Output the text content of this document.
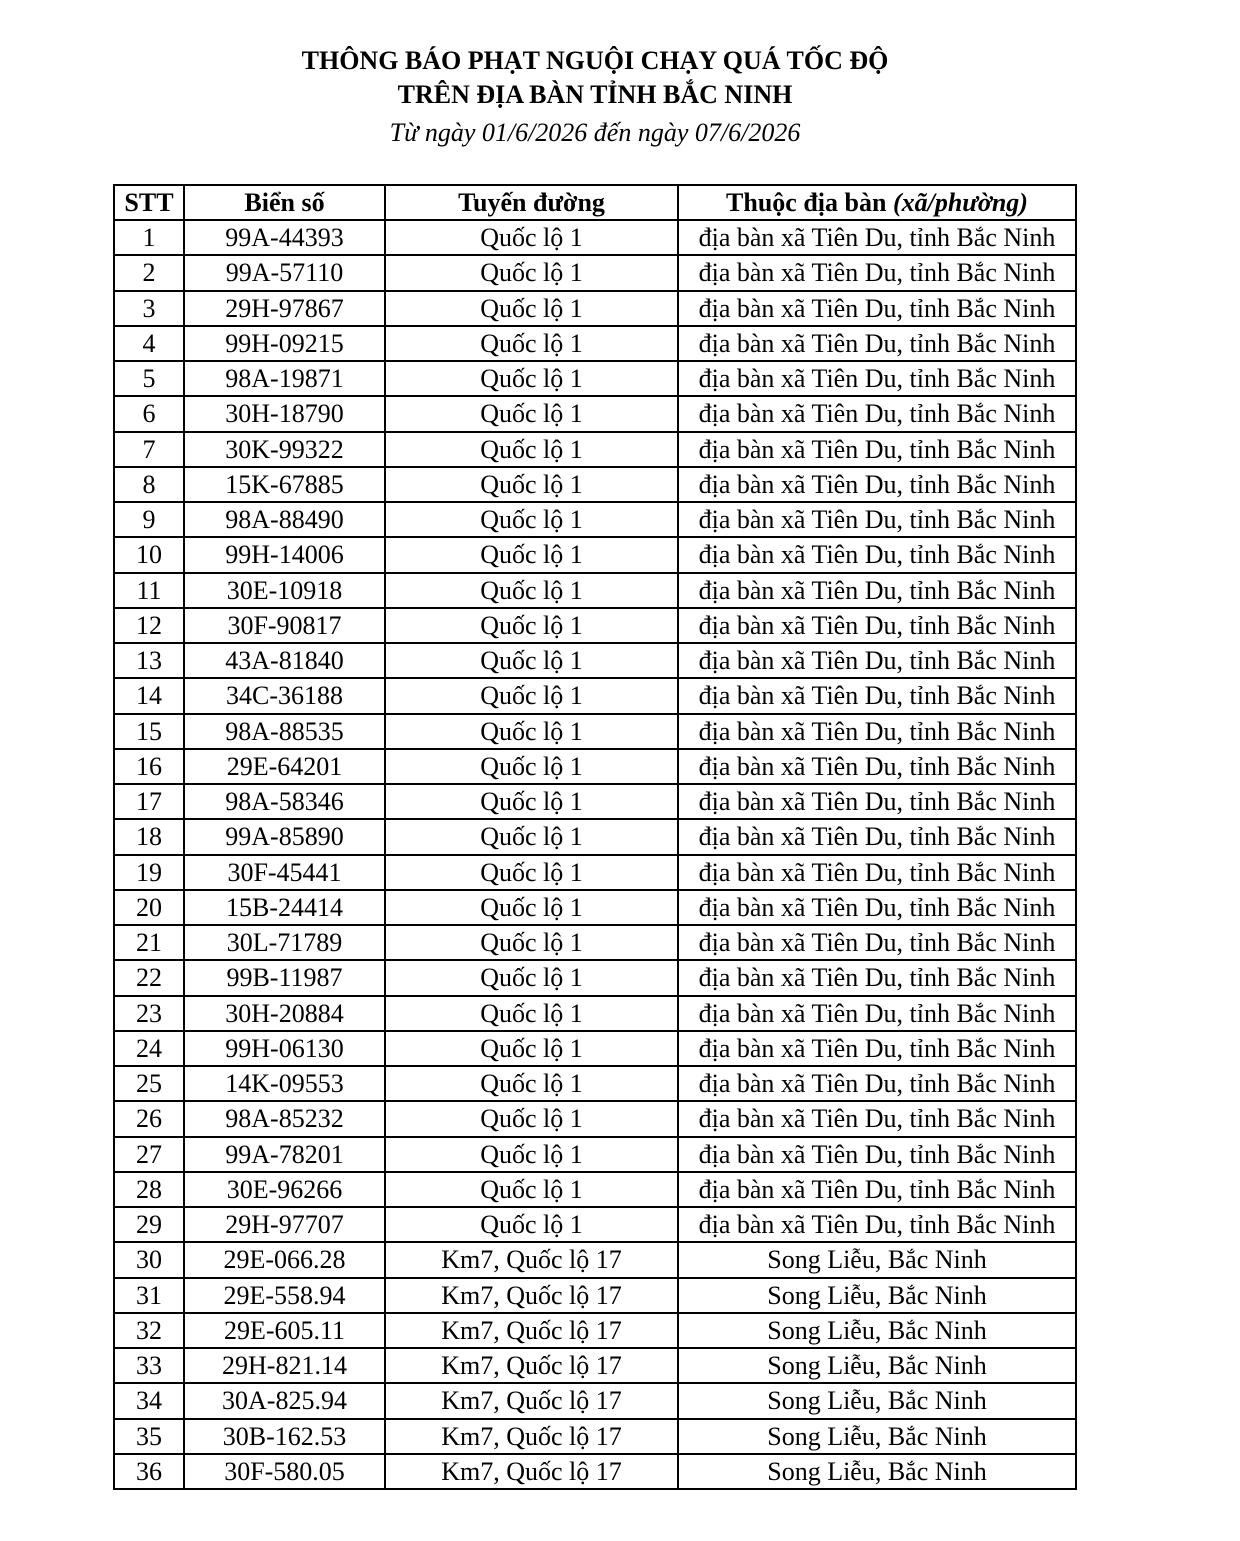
THÔNG BÁO PHẠT NGUỘI CHẠY QUÁ TỐC ĐỘ

TRÊN ĐỊA BÀN TỈNH BẮC NINH

Từ ngày 01/6/2026 đến ngày 07/6/2026

STT	Biển số	Tuyến đường	Thuộc địa bàn (xã/phường)
1	99A-44393	Quốc lộ 1	địa bàn xã Tiên Du, tỉnh Bắc Ninh
2	99A-57110	Quốc lộ 1	địa bàn xã Tiên Du, tỉnh Bắc Ninh
3	29H-97867	Quốc lộ 1	địa bàn xã Tiên Du, tỉnh Bắc Ninh
4	99H-09215	Quốc lộ 1	địa bàn xã Tiên Du, tỉnh Bắc Ninh
5	98A-19871	Quốc lộ 1	địa bàn xã Tiên Du, tỉnh Bắc Ninh
6	30H-18790	Quốc lộ 1	địa bàn xã Tiên Du, tỉnh Bắc Ninh
7	30K-99322	Quốc lộ 1	địa bàn xã Tiên Du, tỉnh Bắc Ninh
8	15K-67885	Quốc lộ 1	địa bàn xã Tiên Du, tỉnh Bắc Ninh
9	98A-88490	Quốc lộ 1	địa bàn xã Tiên Du, tỉnh Bắc Ninh
10	99H-14006	Quốc lộ 1	địa bàn xã Tiên Du, tỉnh Bắc Ninh
11	30E-10918	Quốc lộ 1	địa bàn xã Tiên Du, tỉnh Bắc Ninh
12	30F-90817	Quốc lộ 1	địa bàn xã Tiên Du, tỉnh Bắc Ninh
13	43A-81840	Quốc lộ 1	địa bàn xã Tiên Du, tỉnh Bắc Ninh
14	34C-36188	Quốc lộ 1	địa bàn xã Tiên Du, tỉnh Bắc Ninh
15	98A-88535	Quốc lộ 1	địa bàn xã Tiên Du, tỉnh Bắc Ninh
16	29E-64201	Quốc lộ 1	địa bàn xã Tiên Du, tỉnh Bắc Ninh
17	98A-58346	Quốc lộ 1	địa bàn xã Tiên Du, tỉnh Bắc Ninh
18	99A-85890	Quốc lộ 1	địa bàn xã Tiên Du, tỉnh Bắc Ninh
19	30F-45441	Quốc lộ 1	địa bàn xã Tiên Du, tỉnh Bắc Ninh
20	15B-24414	Quốc lộ 1	địa bàn xã Tiên Du, tỉnh Bắc Ninh
21	30L-71789	Quốc lộ 1	địa bàn xã Tiên Du, tỉnh Bắc Ninh
22	99B-11987	Quốc lộ 1	địa bàn xã Tiên Du, tỉnh Bắc Ninh
23	30H-20884	Quốc lộ 1	địa bàn xã Tiên Du, tỉnh Bắc Ninh
24	99H-06130	Quốc lộ 1	địa bàn xã Tiên Du, tỉnh Bắc Ninh
25	14K-09553	Quốc lộ 1	địa bàn xã Tiên Du, tỉnh Bắc Ninh
26	98A-85232	Quốc lộ 1	địa bàn xã Tiên Du, tỉnh Bắc Ninh
27	99A-78201	Quốc lộ 1	địa bàn xã Tiên Du, tỉnh Bắc Ninh
28	30E-96266	Quốc lộ 1	địa bàn xã Tiên Du, tỉnh Bắc Ninh
29	29H-97707	Quốc lộ 1	địa bàn xã Tiên Du, tỉnh Bắc Ninh
30	29E-066.28	Km7, Quốc lộ 17	Song Liễu, Bắc Ninh
31	29E-558.94	Km7, Quốc lộ 17	Song Liễu, Bắc Ninh
32	29E-605.11	Km7, Quốc lộ 17	Song Liễu, Bắc Ninh
33	29H-821.14	Km7, Quốc lộ 17	Song Liễu, Bắc Ninh
34	30A-825.94	Km7, Quốc lộ 17	Song Liễu, Bắc Ninh
35	30B-162.53	Km7, Quốc lộ 17	Song Liễu, Bắc Ninh
36	30F-580.05	Km7, Quốc lộ 17	Song Liễu, Bắc Ninh
